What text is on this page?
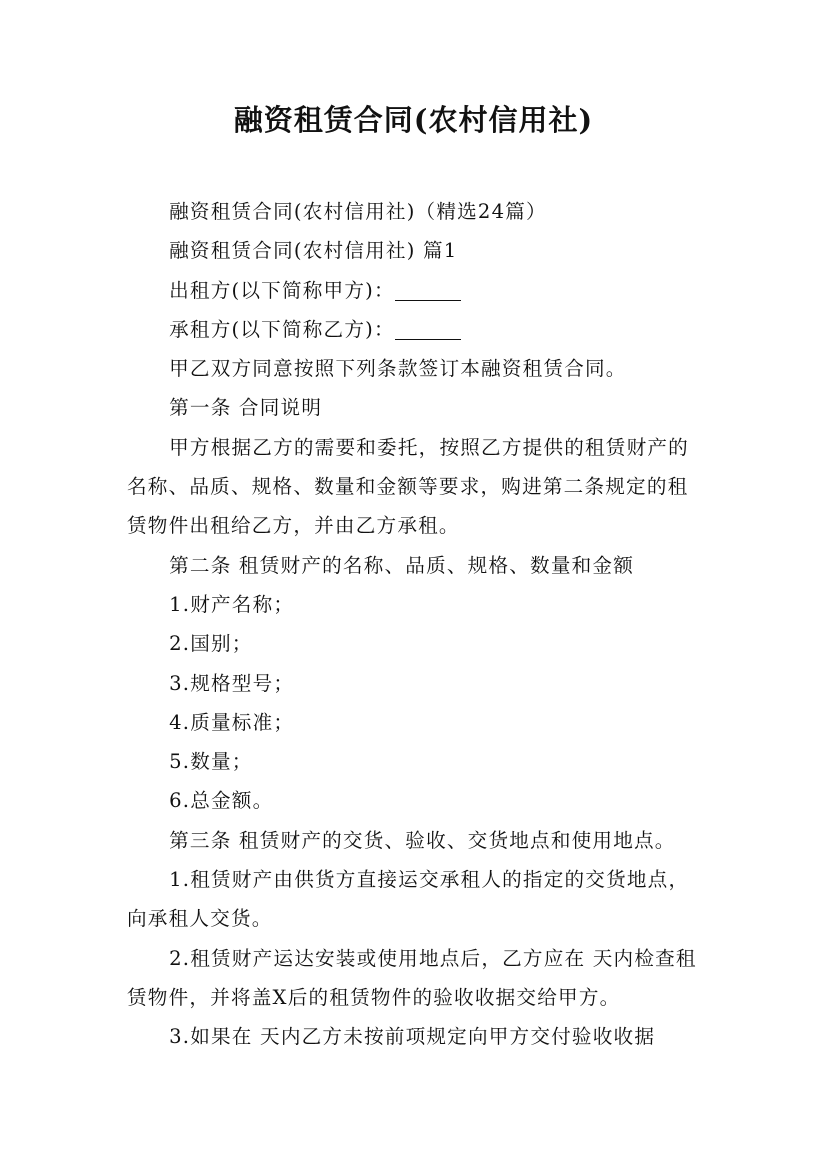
融资租赁合同(农村信用社)

融资租赁合同(农村信用社)（精选24篇）

融资租赁合同(农村信用社) 篇1

出租方(以下简称甲方)：

承租方(以下简称乙方)：

甲乙双方同意按照下列条款签订本融资租赁合同。

第一条 合同说明

甲方根据乙方的需要和委托，按照乙方提供的租赁财产的名称、品质、规格、数量和金额等要求，购进第二条规定的租赁物件出租给乙方，并由乙方承租。

第二条 租赁财产的名称、品质、规格、数量和金额

1.财产名称；

2.国别；

3.规格型号；

4.质量标准；

5.数量；

6.总金额。

第三条 租赁财产的交货、验收、交货地点和使用地点。

1.租赁财产由供货方直接运交承租人的指定的交货地点，向承租人交货。

2.租赁财产运达安装或使用地点后，乙方应在 天内检查租赁物件，并将盖X后的租赁物件的验收收据交给甲方。

3.如果在 天内乙方未按前项规定向甲方交付验收收据
